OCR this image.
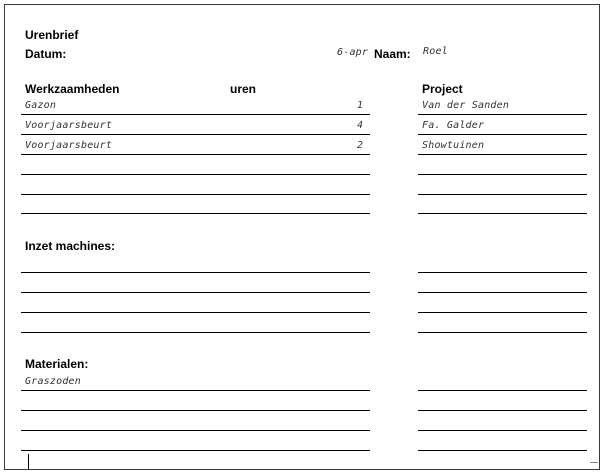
Urenbrief
Datum:	6-apr Naam: Roel
Werkzaamheden	uren	Project
Gazon	1	Van der Sanden
Voorjaarsbeurt	4	Fa. Galder
Voorjaarsbeurt	2	Showtuinen
Inzet machines:
Materialen:
Graszoden
